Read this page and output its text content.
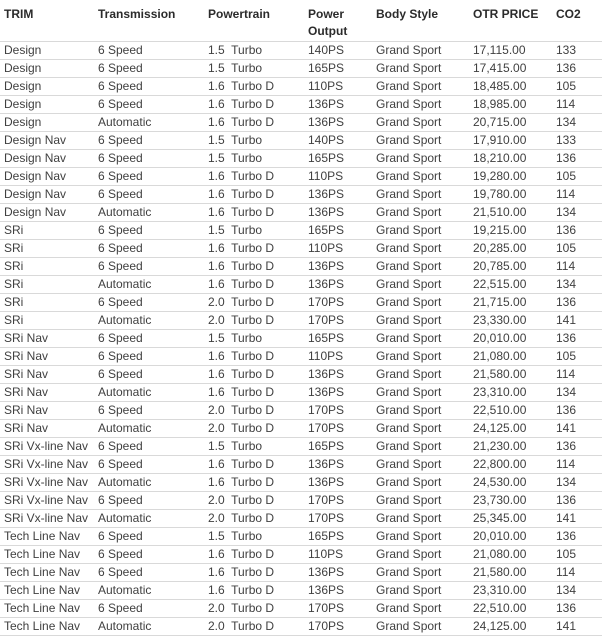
TRIM	Transmission	Powertrain	Power Output	Body Style	OTR PRICE	CO2
Design	6 Speed	1.5  Turbo	140PS	Grand Sport	17,115.00	133
Design	6 Speed	1.5  Turbo	165PS	Grand Sport	17,415.00	136
Design	6 Speed	1.6  Turbo D	110PS	Grand Sport	18,485.00	105
Design	6 Speed	1.6  Turbo D	136PS	Grand Sport	18,985.00	114
Design	Automatic	1.6  Turbo D	136PS	Grand Sport	20,715.00	134
Design Nav	6 Speed	1.5  Turbo	140PS	Grand Sport	17,910.00	133
Design Nav	6 Speed	1.5  Turbo	165PS	Grand Sport	18,210.00	136
Design Nav	6 Speed	1.6  Turbo D	110PS	Grand Sport	19,280.00	105
Design Nav	6 Speed	1.6  Turbo D	136PS	Grand Sport	19,780.00	114
Design Nav	Automatic	1.6  Turbo D	136PS	Grand Sport	21,510.00	134
SRi	6 Speed	1.5  Turbo	165PS	Grand Sport	19,215.00	136
SRi	6 Speed	1.6  Turbo D	110PS	Grand Sport	20,285.00	105
SRi	6 Speed	1.6  Turbo D	136PS	Grand Sport	20,785.00	114
SRi	Automatic	1.6  Turbo D	136PS	Grand Sport	22,515.00	134
SRi	6 Speed	2.0  Turbo D	170PS	Grand Sport	21,715.00	136
SRi	Automatic	2.0  Turbo D	170PS	Grand Sport	23,330.00	141
SRi Nav	6 Speed	1.5  Turbo	165PS	Grand Sport	20,010.00	136
SRi Nav	6 Speed	1.6  Turbo D	110PS	Grand Sport	21,080.00	105
SRi Nav	6 Speed	1.6  Turbo D	136PS	Grand Sport	21,580.00	114
SRi Nav	Automatic	1.6  Turbo D	136PS	Grand Sport	23,310.00	134
SRi Nav	6 Speed	2.0  Turbo D	170PS	Grand Sport	22,510.00	136
SRi Nav	Automatic	2.0  Turbo D	170PS	Grand Sport	24,125.00	141
SRi Vx-line Nav	6 Speed	1.5  Turbo	165PS	Grand Sport	21,230.00	136
SRi Vx-line Nav	6 Speed	1.6  Turbo D	136PS	Grand Sport	22,800.00	114
SRi Vx-line Nav	Automatic	1.6  Turbo D	136PS	Grand Sport	24,530.00	134
SRi Vx-line Nav	6 Speed	2.0  Turbo D	170PS	Grand Sport	23,730.00	136
SRi Vx-line Nav	Automatic	2.0  Turbo D	170PS	Grand Sport	25,345.00	141
Tech Line Nav	6 Speed	1.5  Turbo	165PS	Grand Sport	20,010.00	136
Tech Line Nav	6 Speed	1.6  Turbo D	110PS	Grand Sport	21,080.00	105
Tech Line Nav	6 Speed	1.6  Turbo D	136PS	Grand Sport	21,580.00	114
Tech Line Nav	Automatic	1.6  Turbo D	136PS	Grand Sport	23,310.00	134
Tech Line Nav	6 Speed	2.0  Turbo D	170PS	Grand Sport	22,510.00	136
Tech Line Nav	Automatic	2.0  Turbo D	170PS	Grand Sport	24,125.00	141
